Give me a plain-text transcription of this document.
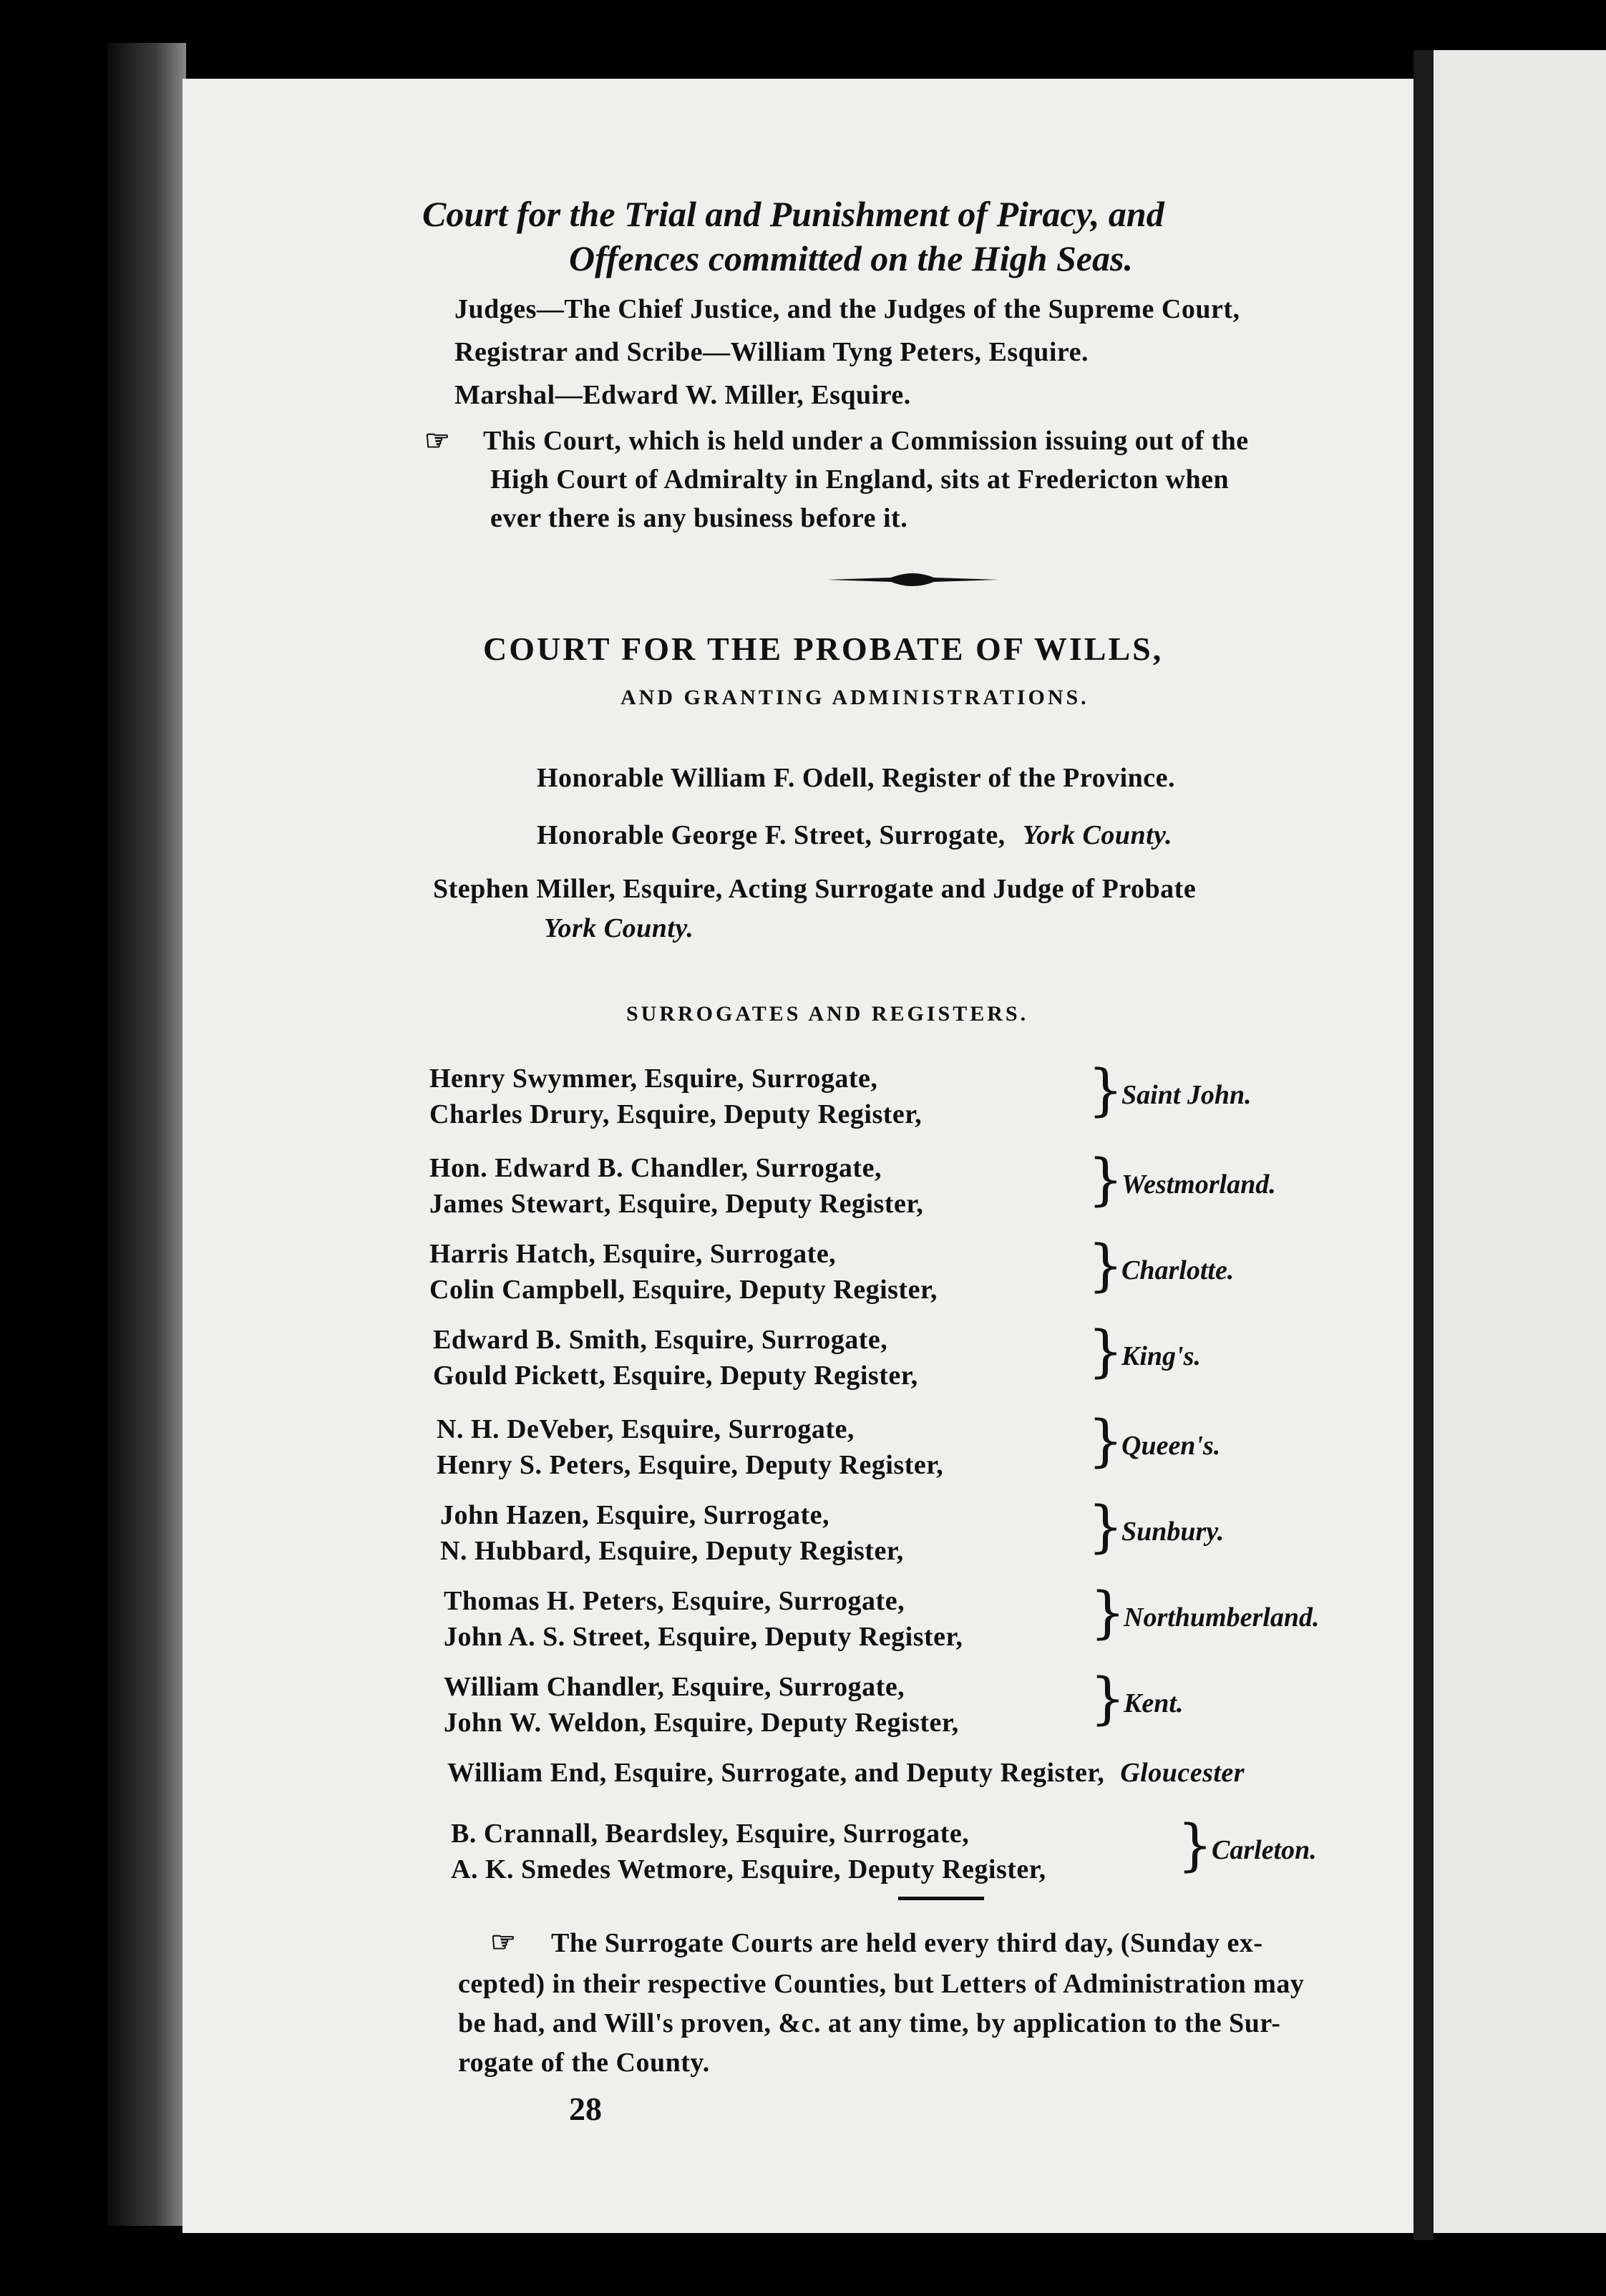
Court for the Trial and Punishment of Piracy, and
Offences committed on the High Seas.
Judges—The Chief Justice, and the Judges of the Supreme Court,
Registrar and Scribe—William Tyng Peters, Esquire.
Marshal—Edward W. Miller, Esquire.
☞ This Court, which is held under a Commission issuing out of the
High Court of Admiralty in England, sits at Fredericton when
ever there is any business before it.
COURT FOR THE PROBATE OF WILLS,
AND GRANTING ADMINISTRATIONS.
Honorable William F. Odell, Register of the Province.
Honorable George F. Street, Surrogate, York County.
Stephen Miller, Esquire, Acting Surrogate and Judge of Probate
York County.
SURROGATES AND REGISTERS.
Henry Swymmer, Esquire, Surrogate,
Charles Drury, Esquire, Deputy Register,	}
Saint John.
Hon. Edward B. Chandler, Surrogate,
James Stewart, Esquire, Deputy Register,	}
Westmorland.
Harris Hatch, Esquire, Surrogate,
Colin Campbell, Esquire, Deputy Register,	}
Charlotte.
Edward B. Smith, Esquire, Surrogate,
Gould Pickett, Esquire, Deputy Register,	}
King's.
N. H. DeVeber, Esquire, Surrogate,
Henry S. Peters, Esquire, Deputy Register,	}
Queen's.
John Hazen, Esquire, Surrogate,
N. Hubbard, Esquire, Deputy Register,	}
Sunbury.
Thomas H. Peters, Esquire, Surrogate,
John A. S. Street, Esquire, Deputy Register, }
Northumberland.
William Chandler, Esquire, Surrogate,
John W. Weldon, Esquire, Deputy Register, }
Kent.
William End, Esquire, Surrogate, and Deputy Register, Gloucester
B. Crannall, Beardsley, Esquire, Surrogate,
A. K. Smedes Wetmore, Esquire, Deputy Register, }
Carleton.
☞ The Surrogate Courts are held every third day, (Sunday ex-
cepted) in their respective Counties, but Letters of Administration may
be had, and Will's proven, &c. at any time, by application to the Sur-
rogate of the County.
28
